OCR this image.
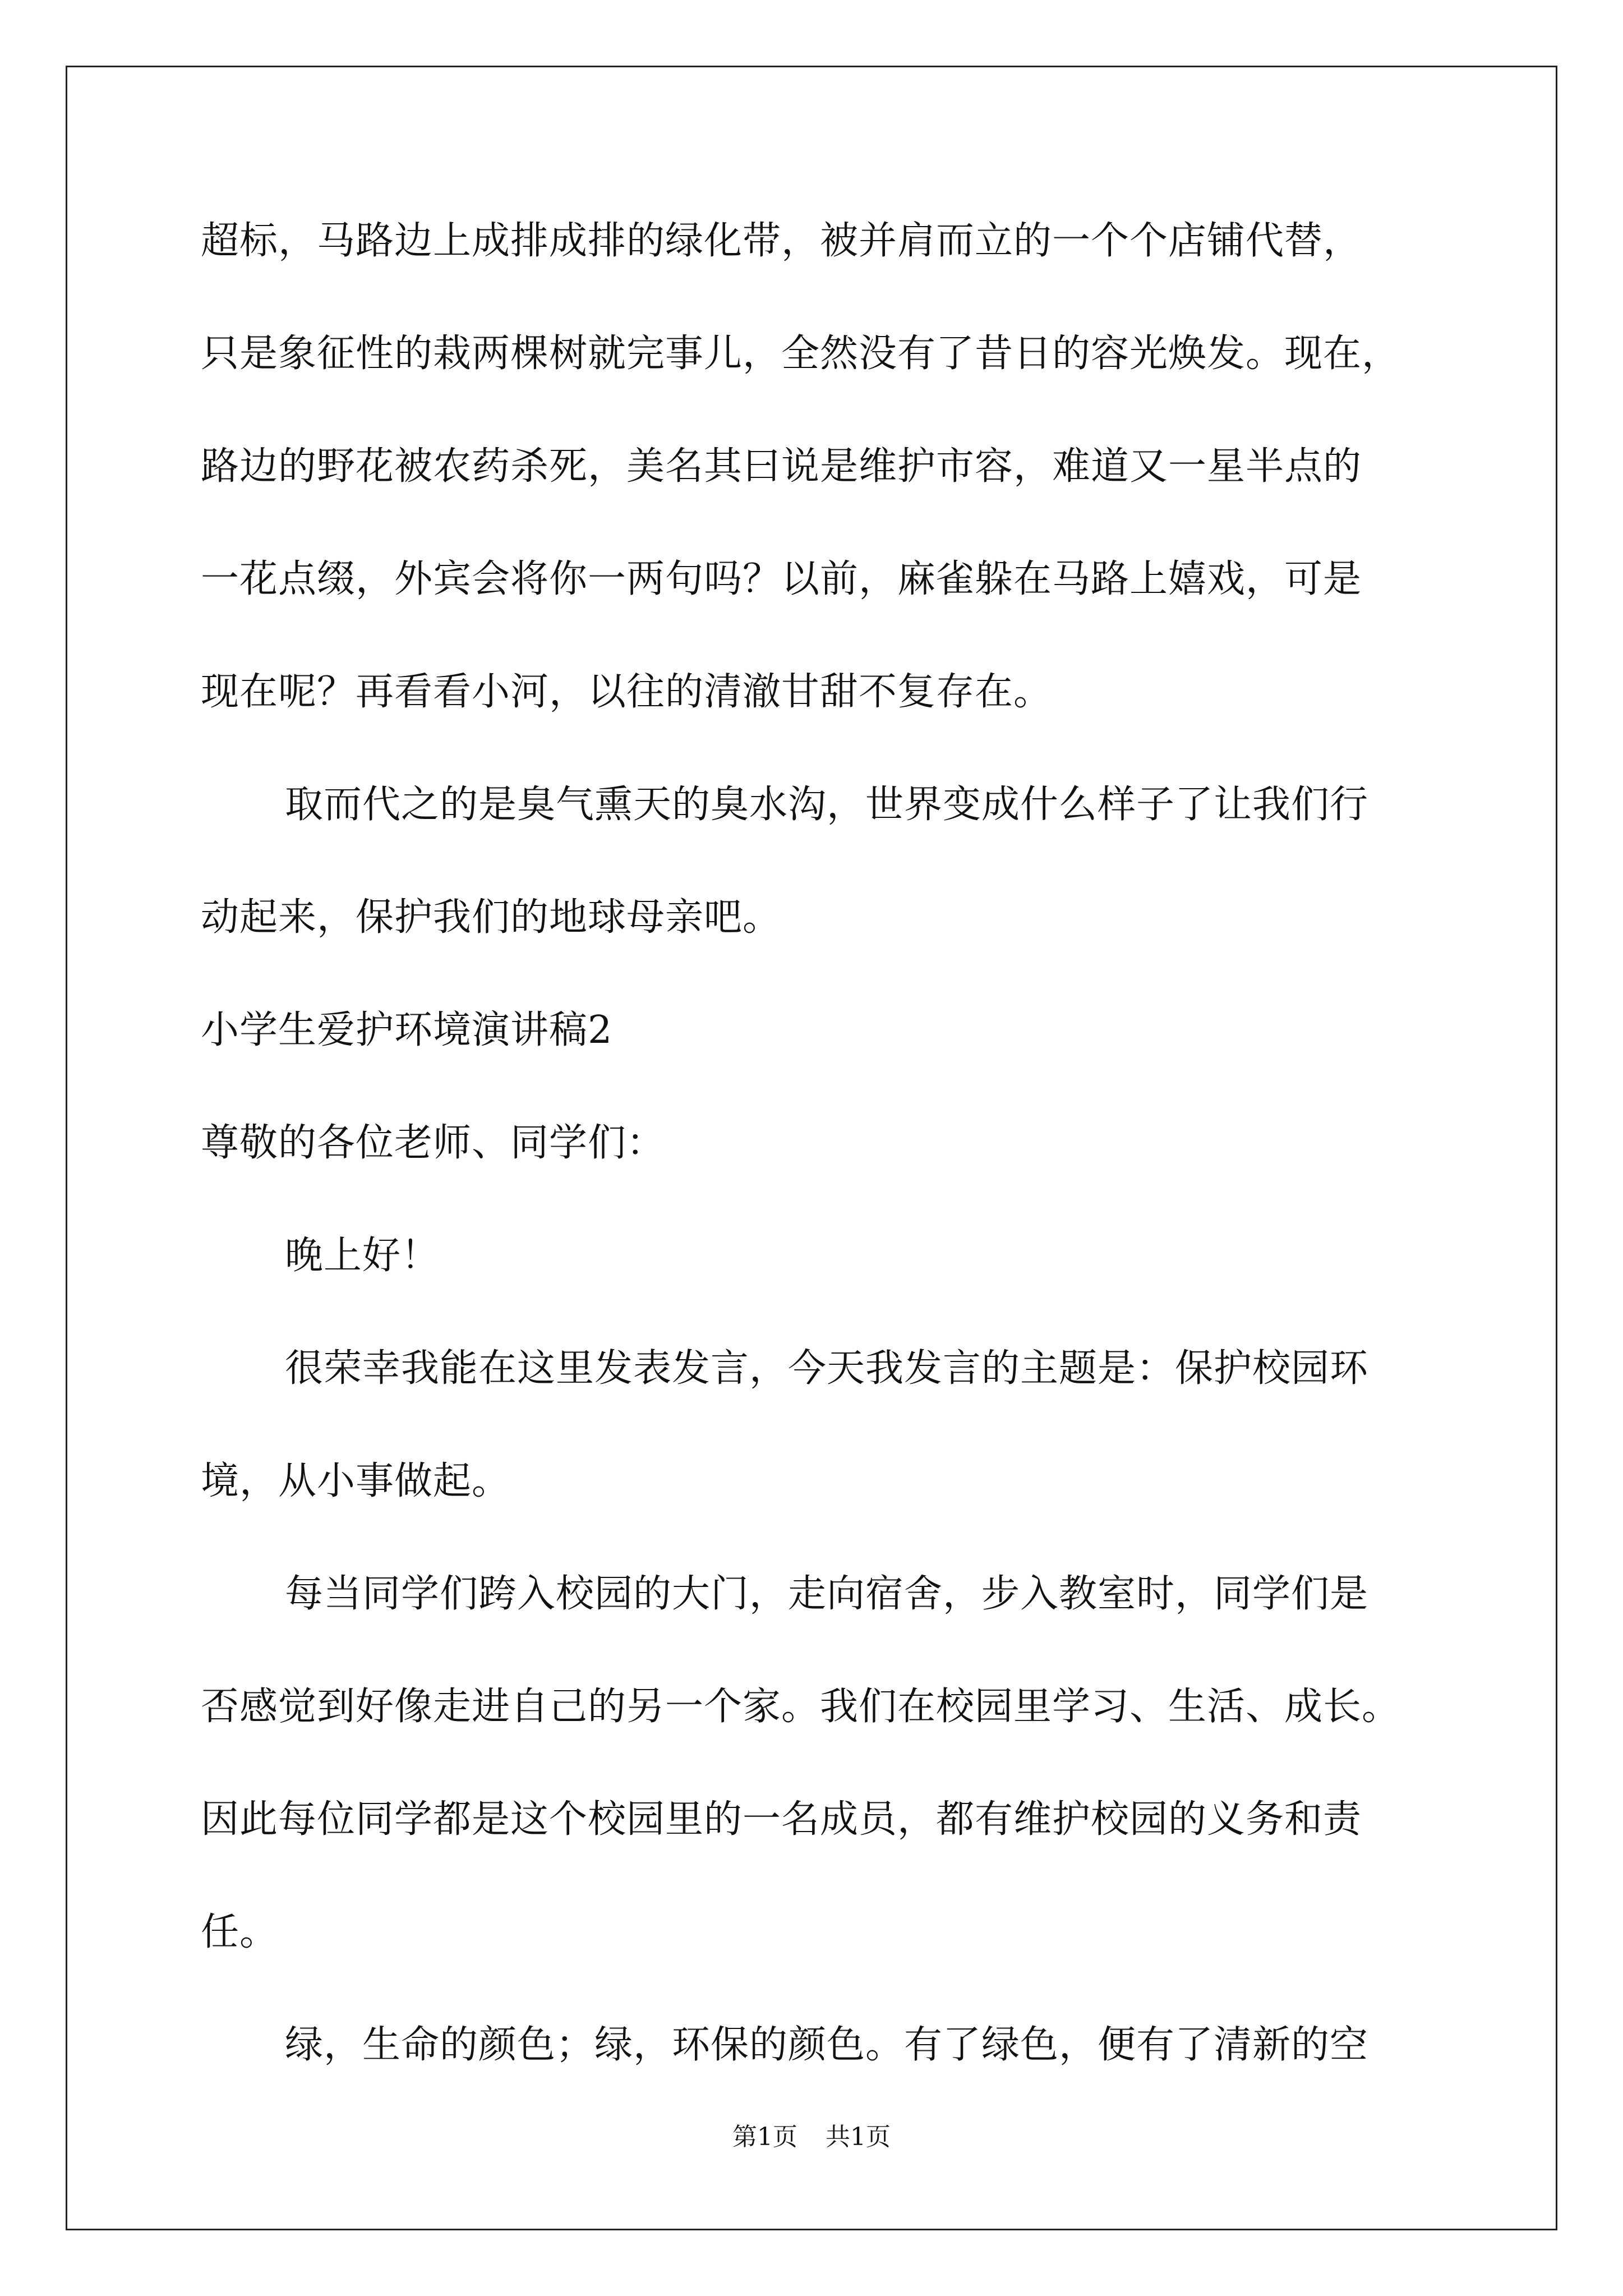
超标，马路边上成排成排的绿化带，被并肩而立的一个个店铺代替，
只是象征性的栽两棵树就完事儿，全然没有了昔日的容光焕发。现在，
路边的野花被农药杀死，美名其曰说是维护市容，难道又一星半点的
一花点缀，外宾会将你一两句吗？以前，麻雀躲在马路上嬉戏，可是
现在呢？再看看小河，以往的清澈甘甜不复存在。
取而代之的是臭气熏天的臭水沟，世界变成什么样子了让我们行
动起来，保护我们的地球母亲吧。
小学生爱护环境演讲稿2
尊敬的各位老师、同学们：
晚上好！
很荣幸我能在这里发表发言，今天我发言的主题是：保护校园环
境，从小事做起。
每当同学们跨入校园的大门，走向宿舍，步入教室时，同学们是
否感觉到好像走进自己的另一个家。我们在校园里学习、生活、成长。
因此每位同学都是这个校园里的一名成员，都有维护校园的义务和责
任。
绿，生命的颜色；绿，环保的颜色。有了绿色，便有了清新的空
第1页 共1页
